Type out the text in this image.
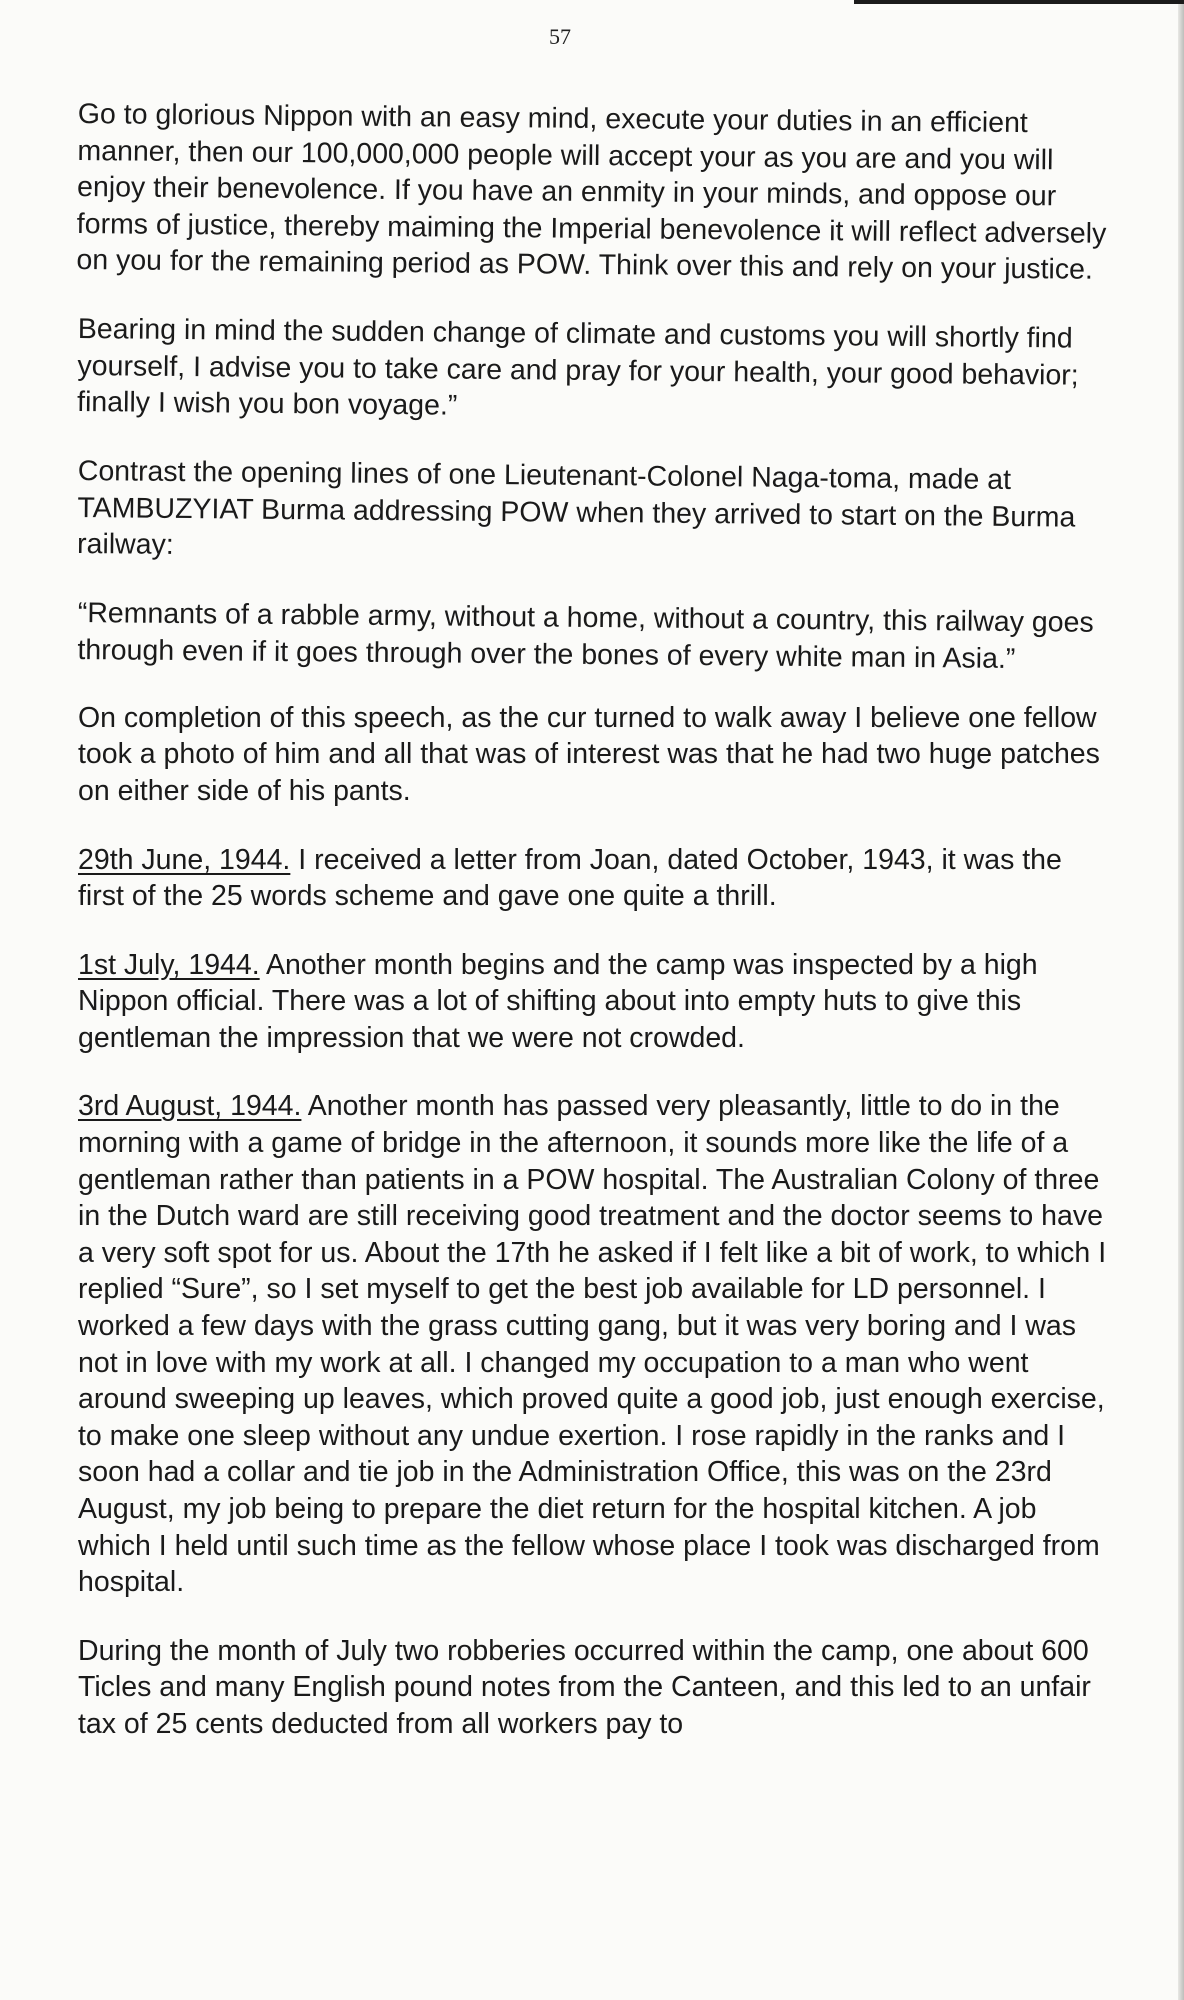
57

Go to glorious Nippon with an easy mind, execute your duties in an efficient manner, then our 100,000,000 people will accept your as you are and you will enjoy their benevolence. If you have an enmity in your minds, and oppose our forms of justice, thereby maiming the Imperial benevolence it will reflect adversely on you for the remaining period as POW. Think over this and rely on your justice.

Bearing in mind the sudden change of climate and customs you will shortly find yourself, I advise you to take care and pray for your health, your good behavior; finally I wish you bon voyage.”

Contrast the opening lines of one Lieutenant-Colonel Naga-toma, made at TAMBUZYIAT Burma addressing POW when they arrived to start on the Burma railway:

“Remnants of a rabble army, without a home, without a country, this railway goes through even if it goes through over the bones of every white man in Asia.”

On completion of this speech, as the cur turned to walk away I believe one fellow took a photo of him and all that was of interest was that he had two huge patches on either side of his pants.

29th June, 1944. I received a letter from Joan, dated October, 1943, it was the first of the 25 words scheme and gave one quite a thrill.

1st July, 1944. Another month begins and the camp was inspected by a high Nippon official. There was a lot of shifting about into empty huts to give this gentleman the impression that we were not crowded.

3rd August, 1944. Another month has passed very pleasantly, little to do in the morning with a game of bridge in the afternoon, it sounds more like the life of a gentleman rather than patients in a POW hospital. The Australian Colony of three in the Dutch ward are still receiving good treatment and the doctor seems to have a very soft spot for us. About the 17th he asked if I felt like a bit of work, to which I replied “Sure”, so I set myself to get the best job available for LD personnel. I worked a few days with the grass cutting gang, but it was very boring and I was not in love with my work at all. I changed my occupation to a man who went around sweeping up leaves, which proved quite a good job, just enough exercise, to make one sleep without any undue exertion. I rose rapidly in the ranks and I soon had a collar and tie job in the Administration Office, this was on the 23rd August, my job being to prepare the diet return for the hospital kitchen. A job which I held until such time as the fellow whose place I took was discharged from hospital.

During the month of July two robberies occurred within the camp, one about 600 Ticles and many English pound notes from the Canteen, and this led to an unfair tax of 25 cents deducted from all workers pay to
